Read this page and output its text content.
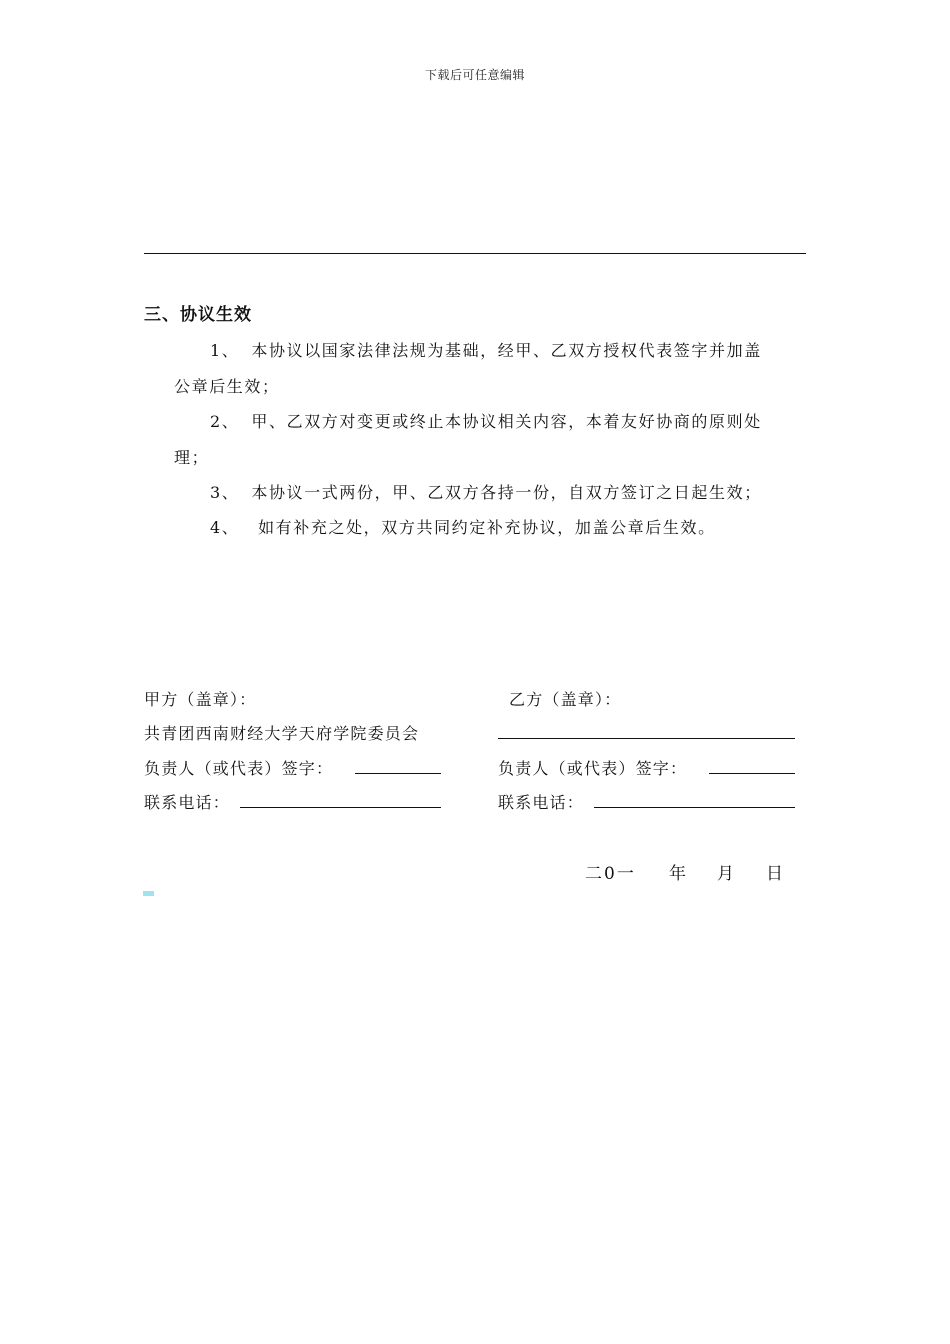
下载后可任意编辑
三、协议生效
1、 本协议以国家法律法规为基础，经甲、乙双方授权代表签字并加盖
公章后生效；
2、 甲、乙双方对变更或终止本协议相关内容，本着友好协商的原则处
理；
3、 本协议一式两份，甲、乙双方各持一份，自双方签订之日起生效；
4、 如有补充之处，双方共同约定补充协议，加盖公章后生效。
甲方（盖章）：
共青团西南财经大学天府学院委员会
负责人（或代表）签字：
联系电话：
乙方（盖章）：
负责人（或代表）签字：
联系电话：
二0一 年 月 日
